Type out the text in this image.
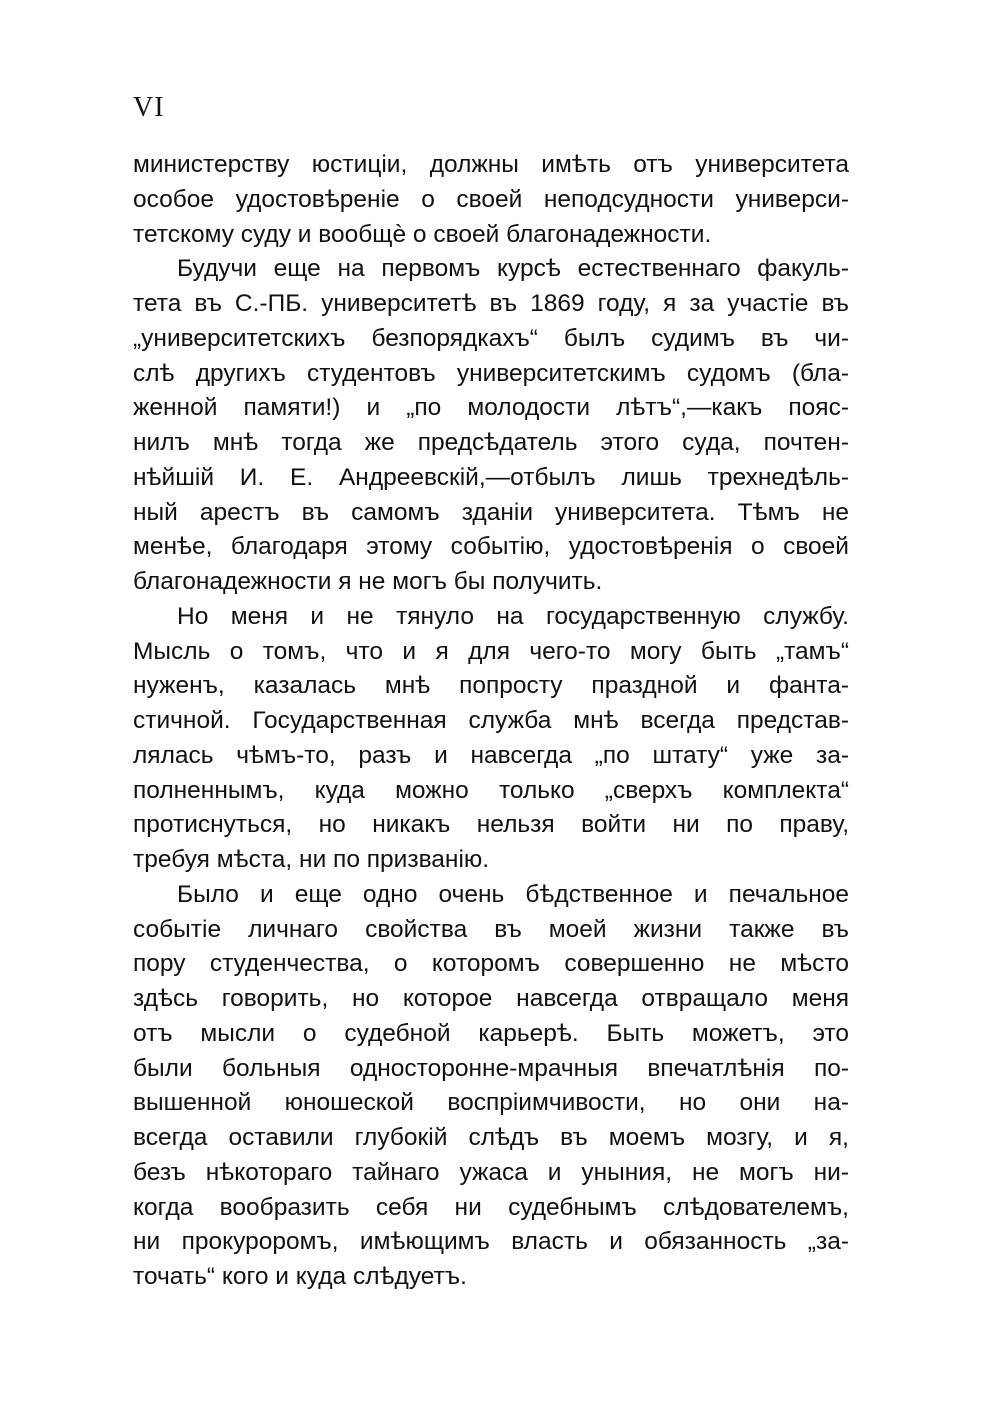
VI
министерству юстицiи, должны имѣть отъ университета
особое удостовѣренiе о своей неподсудности универси-
тетскому суду и вообщѐ о своей благонадежности.
Будучи еще на первомъ курсѣ естественнаго факуль-
тета въ С.-ПБ. университетѣ въ 1869 году, я за участiе въ
„университетскихъ безпорядкахъ“ былъ судимъ въ чи-
слѣ другихъ студентовъ университетскимъ судомъ (бла-
женной памяти!) и „по молодости лѣтъ“,—какъ пояс-
нилъ мнѣ тогда же предсѣдатель этого суда, почтен-
нѣйшiй И. Е. Андреевскiй,—отбылъ лишь трехнедѣль-
ный арестъ въ самомъ зданiи университета. Тѣмъ не
менѣе, благодаря этому событiю, удостовѣренiя о своей
благонадежности я не могъ бы получить.
Но меня и не тянуло на государственную службу.
Мысль о томъ, что и я для чего-то могу быть „тамъ“
нуженъ, казалась мнѣ попросту праздной и фанта-
стичной. Государственная служба мнѣ всегда представ-
лялась чѣмъ-то, разъ и навсегда „по штату“ уже за-
полненнымъ, куда можно только „сверхъ комплекта“
протиснуться, но никакъ нельзя войти ни по праву,
требуя мѣста, ни по призванiю.
Было и еще одно очень бѣдственное и печальное
событiе личнаго свойства въ моей жизни также въ
пору студенчества, о которомъ совершенно не мѣсто
здѣсь говорить, но которое навсегда отвращало меня
отъ мысли о судебной карьерѣ. Быть можетъ, это
были больныя односторонне-мрачныя впечатлѣнiя по-
вышенной юношеской воспрiимчивости, но они на-
всегда оставили глубокiй слѣдъ въ моемъ мозгу, и я,
безъ нѣкотораго тайнаго ужаса и уныния, не могъ ни-
когда вообразить себя ни судебнымъ слѣдователемъ,
ни прокуроромъ, имѣющимъ власть и обязанность „за-
точать“ кого и куда слѣдуетъ.
